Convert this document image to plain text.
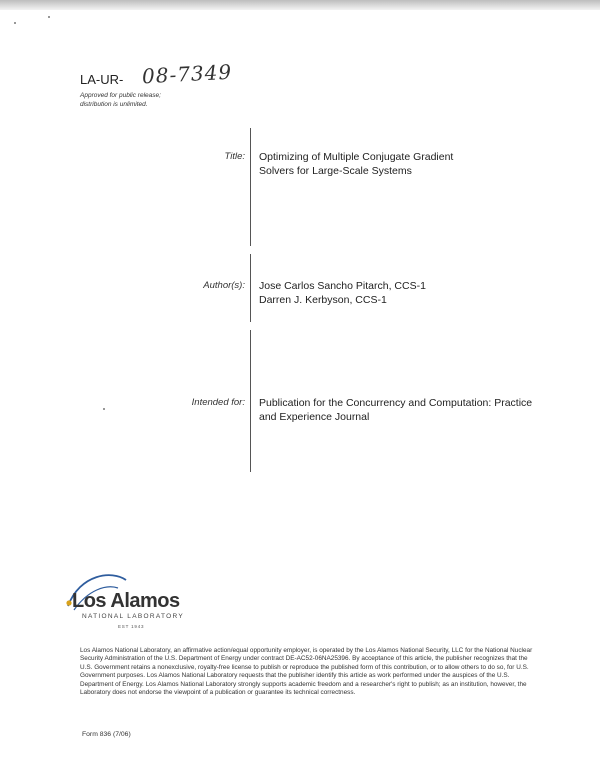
LA-UR- 08-7349
Approved for public release;
distribution is unlimited.
Title: Optimizing of Multiple Conjugate Gradient
Solvers for Large-Scale Systems
Author(s): Jose Carlos Sancho Pitarch, CCS-1
Darren J. Kerbyson, CCS-1
Intended for: Publication for the Concurrency and Computation: Practice
and Experience Journal
Los Alamos
NATIONAL LABORATORY
EST 1943
Los Alamos National Laboratory, an affirmative action/equal opportunity employer, is operated by the Los Alamos National Security, LLC for the National Nuclear Security Administration of the U.S. Department of Energy under contract DE-AC52-06NA25396. By acceptance of this article, the publisher recognizes that the U.S. Government retains a nonexclusive, royalty-free license to publish or reproduce the published form of this contribution, or to allow others to do so, for U.S. Government purposes. Los Alamos National Laboratory requests that the publisher identify this article as work performed under the auspices of the U.S. Department of Energy. Los Alamos National Laboratory strongly supports academic freedom and a researcher's right to publish; as an institution, however, the Laboratory does not endorse the viewpoint of a publication or guarantee its technical correctness.
Form 836 (7/06)
